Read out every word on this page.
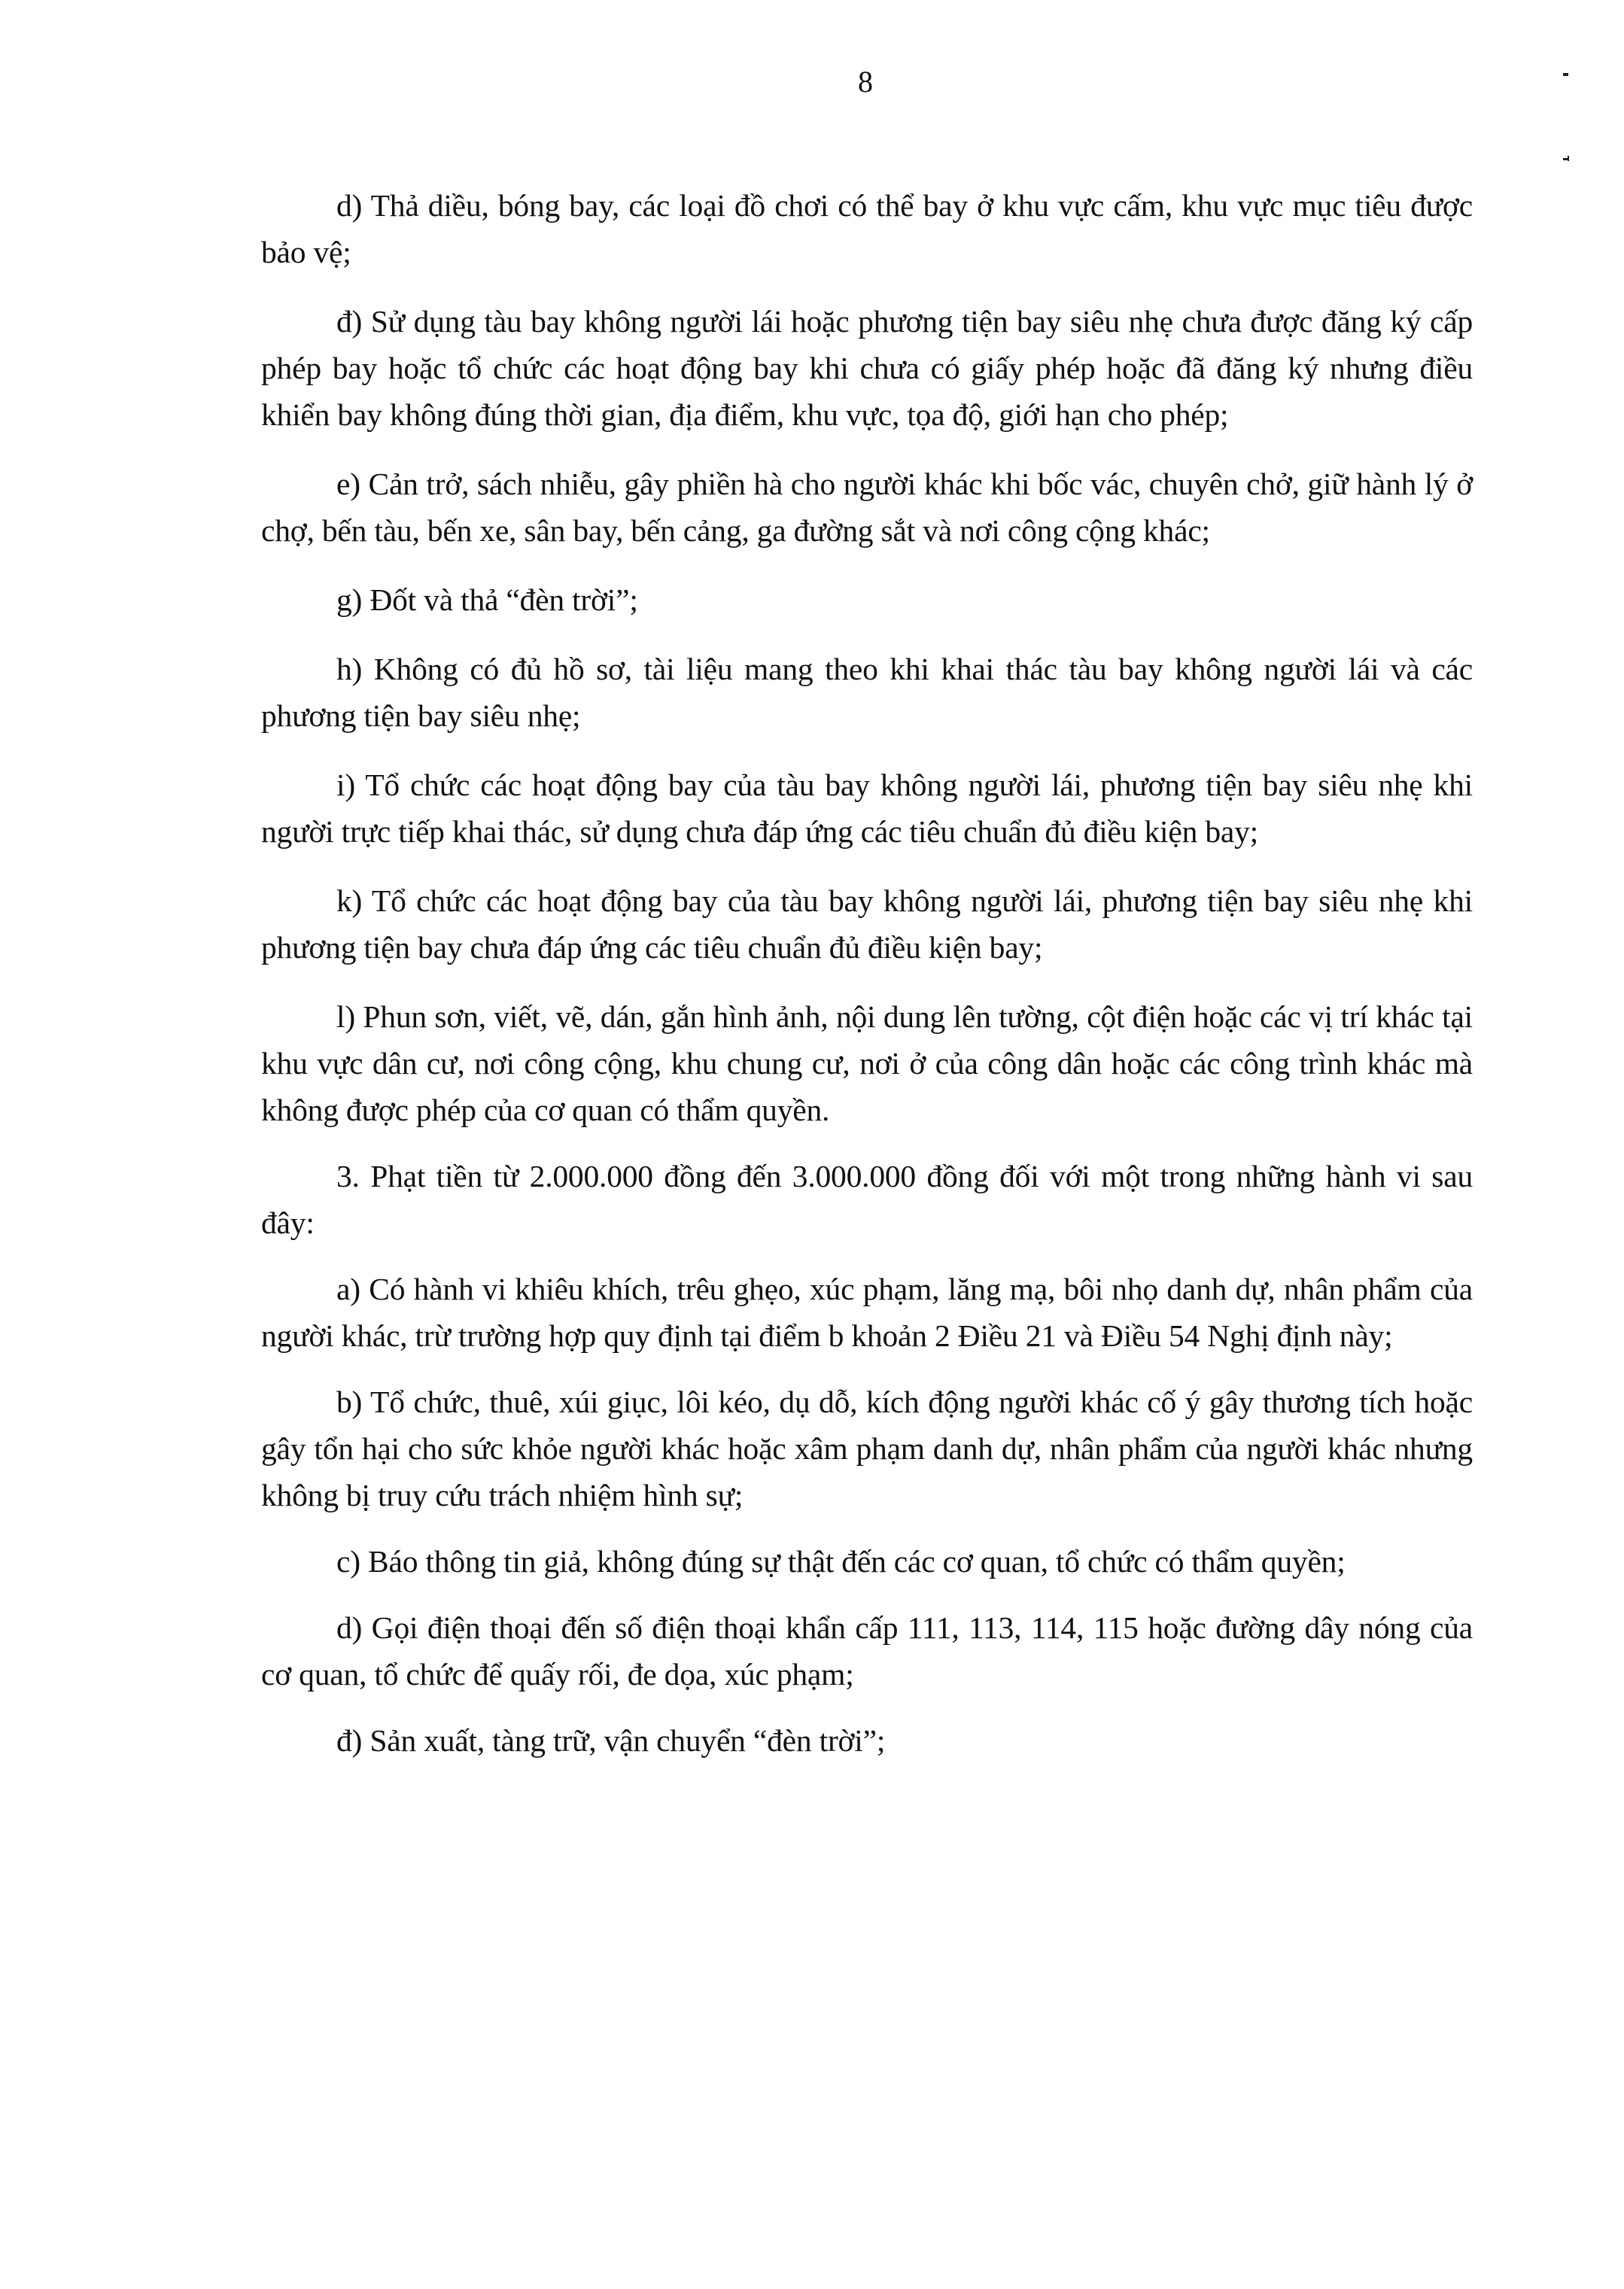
8

d) Thả diều, bóng bay, các loại đồ chơi có thể bay ở khu vực cấm, khu vực mục tiêu được bảo vệ;

đ) Sử dụng tàu bay không người lái hoặc phương tiện bay siêu nhẹ chưa được đăng ký cấp phép bay hoặc tổ chức các hoạt động bay khi chưa có giấy phép hoặc đã đăng ký nhưng điều khiển bay không đúng thời gian, địa điểm, khu vực, tọa độ, giới hạn cho phép;

e) Cản trở, sách nhiễu, gây phiền hà cho người khác khi bốc vác, chuyên chở, giữ hành lý ở chợ, bến tàu, bến xe, sân bay, bến cảng, ga đường sắt và nơi công cộng khác;

g) Đốt và thả “đèn trời”;

h) Không có đủ hồ sơ, tài liệu mang theo khi khai thác tàu bay không người lái và các phương tiện bay siêu nhẹ;

i) Tổ chức các hoạt động bay của tàu bay không người lái, phương tiện bay siêu nhẹ khi người trực tiếp khai thác, sử dụng chưa đáp ứng các tiêu chuẩn đủ điều kiện bay;

k) Tổ chức các hoạt động bay của tàu bay không người lái, phương tiện bay siêu nhẹ khi phương tiện bay chưa đáp ứng các tiêu chuẩn đủ điều kiện bay;

l) Phun sơn, viết, vẽ, dán, gắn hình ảnh, nội dung lên tường, cột điện hoặc các vị trí khác tại khu vực dân cư, nơi công cộng, khu chung cư, nơi ở của công dân hoặc các công trình khác mà không được phép của cơ quan có thẩm quyền.

3. Phạt tiền từ 2.000.000 đồng đến 3.000.000 đồng đối với một trong những hành vi sau đây:

a) Có hành vi khiêu khích, trêu ghẹo, xúc phạm, lăng mạ, bôi nhọ danh dự, nhân phẩm của người khác, trừ trường hợp quy định tại điểm b khoản 2 Điều 21 và Điều 54 Nghị định này;

b) Tổ chức, thuê, xúi giục, lôi kéo, dụ dỗ, kích động người khác cố ý gây thương tích hoặc gây tổn hại cho sức khỏe người khác hoặc xâm phạm danh dự, nhân phẩm của người khác nhưng không bị truy cứu trách nhiệm hình sự;

c) Báo thông tin giả, không đúng sự thật đến các cơ quan, tổ chức có thẩm quyền;

d) Gọi điện thoại đến số điện thoại khẩn cấp 111, 113, 114, 115 hoặc đường dây nóng của cơ quan, tổ chức để quấy rối, đe dọa, xúc phạm;

đ) Sản xuất, tàng trữ, vận chuyển “đèn trời”;
